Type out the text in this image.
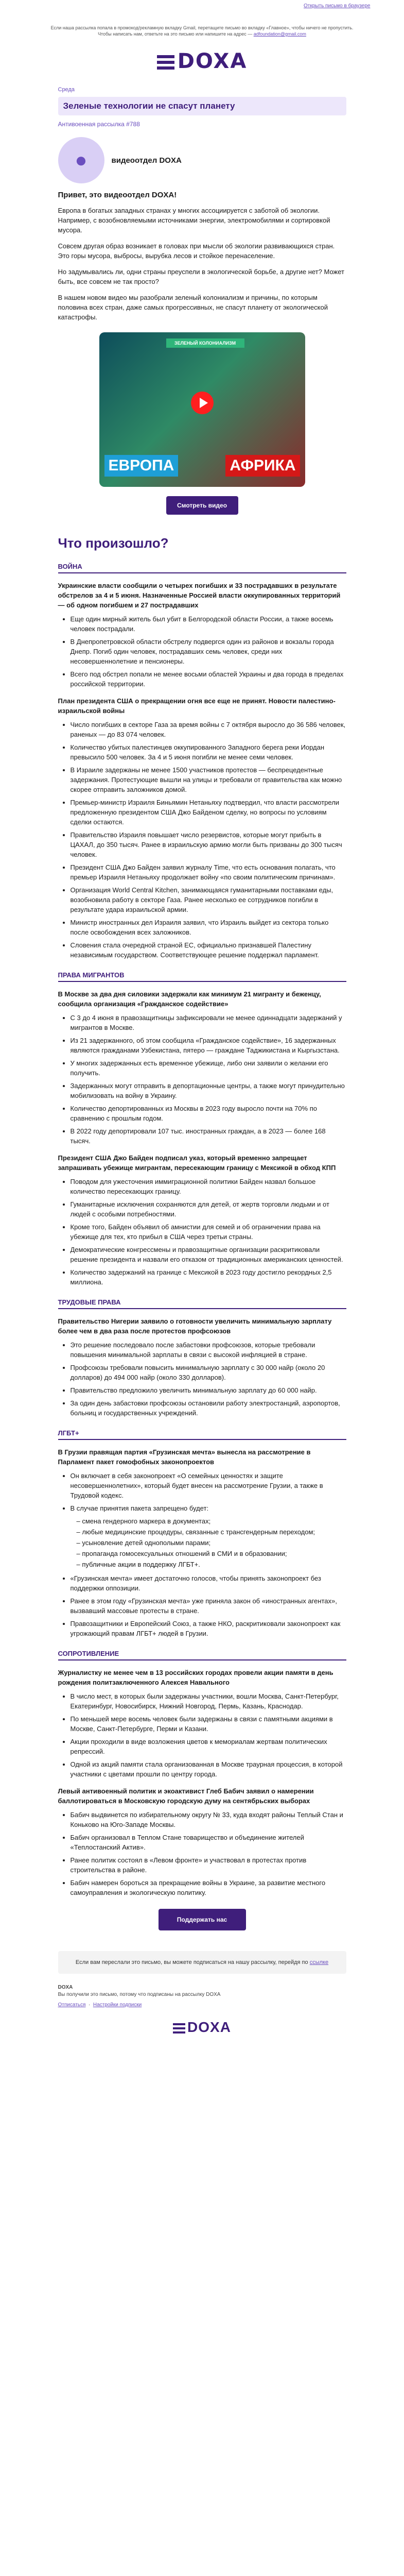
Открыть письмо в браузере
Если наша рассылка попала в промокод/рекламную вкладку Gmail, перетащите письмо во вкладку «Главное», чтобы ничего не пропустить. Чтобы написать нам, ответьте на это письмо или напишите на адрес — adfoundation@gmail.com
DOXA
Среда
Зеленые технологии не спасут планету
Антивоенная рассылка #788
●	видеоотдел DOXA
Привет, это видеоотдел DOXA!

Европа в богатых западных странах у многих ассоциируется с заботой об экологии. Например, с возобновляемыми источниками энергии, электромобилями и сортировкой мусора.

Совсем другая образ возникает в головах при мысли об экологии развивающихся стран. Это горы мусора, выбросы, вырубка лесов и стойкое перенаселение.

Но задумывались ли, одни страны преуспели в экологической борьбе, а другие нет? Может быть, все совсем не так просто?

В нашем новом видео мы разобрали зеленый колониализм и причины, по которым половина всех стран, даже самых прогрессивных, не спасут планету от экологической катастрофы.

ЗЕЛЕНЫЙ КОЛОНИАЛИЗМ
ЕВРОПА	АФРИКА
Смотреть видео
Что произошло?
ВОЙНА
Украинские власти сообщили о четырех погибших и 33 пострадавших в результате обстрелов за 4 и 5 июня. Назначенные Россией власти оккупированных территорий — об одном погибшем и 27 пострадавших
• Еще один мирный житель был убит в Белгородской области России, а также восемь человек пострадали.
• В Днепропетровской области обстрелу подвергся один из районов и вокзалы города Днепр. Погиб один человек, пострадавших семь человек, среди них несовершеннолетние и пенсионеры.
• Всего под обстрел попали не менее восьми областей Украины и два города в пределах российской территории.
План президента США о прекращении огня все еще не принят. Новости палестино-израильской войны
• Число погибших в секторе Газа за время войны с 7 октября выросло до 36 586 человек, раненых — до 83 074 человек.
• Количество убитых палестинцев оккупированного Западного берега реки Иордан превысило 500 человек. За 4 и 5 июня погибли не менее семи человек.
• В Израиле задержаны не менее 1500 участников протестов — беспрецедентные задержания. Протестующие вышли на улицы и требовали от правительства как можно скорее отправить заложников домой.
• Премьер-министр Израиля Биньямин Нетаньяху подтвердил, что власти рассмотрели предложенную президентом США Джо Байденом сделку, но вопросы по условиям сделки остаются.
• Правительство Израиля повышает число резервистов, которые могут прибыть в ЦАХАЛ, до 350 тысяч. Ранее в израильскую армию могли быть призваны до 300 тысяч человек.
• Президент США Джо Байден заявил журналу Time, что есть основания полагать, что премьер Израиля Нетаньяху продолжает войну «по своим политическим причинам».
• Организация World Central Kitchen, занимающаяся гуманитарными поставками еды, возобновила работу в секторе Газа. Ранее несколько ее сотрудников погибли в результате удара израильской армии.
• Министр иностранных дел Израиля заявил, что Израиль выйдет из сектора только после освобождения всех заложников.
• Словения стала очередной страной ЕС, официально признавшей Палестину независимым государством. Соответствующее решение поддержал парламент.
ПРАВА МИГРАНТОВ
В Москве за два дня силовики задержали как минимум 21 мигранту и беженцу, сообщила организация «Гражданское содействие»
• С 3 до 4 июня в правозащитницы зафиксировали не менее одиннадцати задержаний у мигрантов в Москве.
• Из 21 задержанного, об этом сообщила «Гражданское содействие», 16 задержанных являются гражданами Узбекистана, пятеро — граждане Таджикистана и Кыргызстана.
• У многих задержанных есть временное убежище, либо они заявили о желании его получить.
• Задержанных могут отправить в депортационные центры, а также могут принудительно мобилизовать на войну в Украину.
• Количество депортированных из Москвы в 2023 году выросло почти на 70% по сравнению с прошлым годом.
• В 2022 году депортировали 107 тыс. иностранных граждан, а в 2023 — более 168 тысяч.
Президент США Джо Байден подписал указ, который временно запрещает запрашивать убежище мигрантам, пересекающим границу с Мексикой в обход КПП
• Поводом для ужесточения иммиграционной политики Байден назвал большое количество пересекающих границу.
• Гуманитарные исключения сохраняются для детей, от жертв торговли людьми и от людей с особыми потребностями.
• Кроме того, Байден объявил об амнистии для семей и об ограничении права на убежище для тех, кто прибыл в США через третьи страны.
• Демократические конгрессмены и правозащитные организации раскритиковали решение президента и назвали его отказом от традиционных американских ценностей.
• Количество задержаний на границе с Мексикой в 2023 году достигло рекордных 2,5 миллиона.
ТРУДОВЫЕ ПРАВА
Правительство Нигерии заявило о готовности увеличить минимальную зарплату более чем в два раза после протестов профсоюзов
• Это решение последовало после забастовки профсоюзов, которые требовали повышения минимальной зарплаты в связи с высокой инфляцией в стране.
• Профсоюзы требовали повысить минимальную зарплату с 30 000 найр (около 20 долларов) до 494 000 найр (около 330 долларов).
• Правительство предложило увеличить минимальную зарплату до 60 000 найр.
• За один день забастовки профсоюзы остановили работу электростанций, аэропортов, больниц и государственных учреждений.
ЛГБТ+
В Грузии правящая партия «Грузинская мечта» вынесла на рассмотрение в Парламент пакет гомофобных законопроектов
• Он включает в себя законопроект «О семейных ценностях и защите несовершеннолетних», который будет внесен на рассмотрение Грузии, а также в Трудовой кодекс.
• В случае принятия пакета запрещено будет:
– смена гендерного маркера в документах;
– любые медицинские процедуры, связанные с трансгендерным переходом;
– усыновление детей однополыми парами;
– пропаганда гомосексуальных отношений в СМИ и в образовании;
– публичные акции в поддержку ЛГБТ+.
• «Грузинская мечта» имеет достаточно голосов, чтобы принять законопроект без поддержки оппозиции.
• Ранее в этом году «Грузинская мечта» уже приняла закон об «иностранных агентах», вызвавший массовые протесты в стране.
• Правозащитники и Европейский Союз, а также НКО, раскритиковали законопроект как угрожающий правам ЛГБТ+ людей в Грузии.
СОПРОТИВЛЕНИЕ
Журналистку не менее чем в 13 российских городах провели акции памяти в день рождения политзаключенного Алексея Навального
• В число мест, в которых были задержаны участники, вошли Москва, Санкт-Петербург, Екатеринбург, Новосибирск, Нижний Новгород, Пермь, Казань, Краснодар.
• По меньшей мере восемь человек были задержаны в связи с памятными акциями в Москве, Санкт-Петербурге, Перми и Казани.
• Акции проходили в виде возложения цветов к мемориалам жертвам политических репрессий.
• Одной из акций памяти стала организованная в Москве траурная процессия, в которой участники с цветами прошли по центру города.
Левый антивоенный политик и экоактивист Глеб Бабич заявил о намерении баллотироваться в Московскую городскую думу на сентябрьских выборах
• Бабич выдвинется по избирательному округу № 33, куда входят районы Теплый Стан и Коньково на Юго-Западе Москвы.
• Бабич организовал в Теплом Стане товарищество и объединение жителей «Теплостанский Актив».
• Ранее политик состоял в «Левом фронте» и участвовал в протестах против строительства в районе.
• Бабич намерен бороться за прекращение войны в Украине, за развитие местного самоуправления и экологическую политику.
Поддержать нас
Если вам переслали это письмо, вы можете подписаться на нашу рассылку, перейдя по ссылке
DOXA
Вы получили это письмо, потому что подписаны на рассылку DOXA
Отписаться  ·  Настройки подписки
DOXA
